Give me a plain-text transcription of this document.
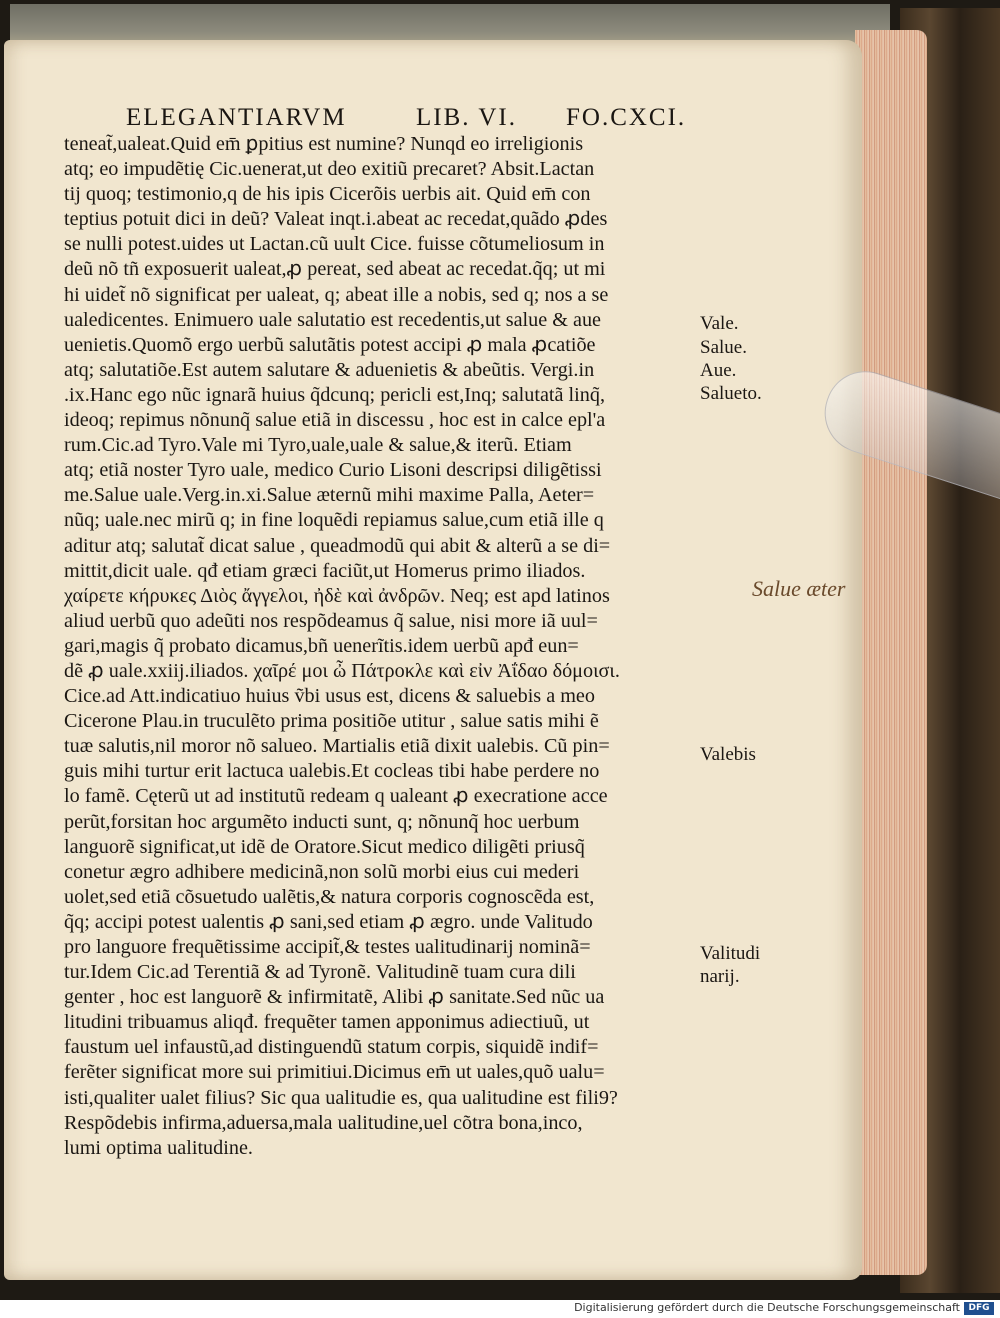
ELEGANTIARVM	LIB. VI. FO.CXCI.
teneat̃,ualeat.Quid em̄ ꝑpitius est numine? Nunqd eo irreligionis
atq; eo impudẽtię Cic.uenerat,ut deo exitiũ precaret? Absit.Lactan
tij quoq; testimonio,q de his ipis Cicerõis uerbis ait. Quid em̄ con
teptius potuit dici in deũ? Valeat inqt.i.abeat ac recedat,quãdo ꝓdes
se nulli potest.uides ut Lactan.cũ uult Cice. fuisse cõtumeliosum in
deũ nõ tñ exposuerit ualeat,ꝓ pereat, sed abeat ac recedat.q̃q; ut mi
hi uidet̃ nõ significat per ualeat, q; abeat ille a nobis, sed q; nos a se
ualedicentes. Enimuero uale salutatio est recedentis,ut salue & aue
uenietis.Quomõ ergo uerbũ salutãtis potest accipi ꝓ mala ꝓcatiõe
atq; salutatiõe.Est autem salutare & aduenietis & abeũtis. Vergi.in
.ix.Hanc ego nũc ignarã huius q̃dcunq; pericli est,Inq; salutatã linq̃,
ideoq; repimus nõnunq̃ salue etiã in discessu , hoc est in calce epl'a
rum.Cic.ad Tyro.Vale mi Tyro,uale,uale & salue,& iterũ. Etiam
atq; etiã noster Tyro uale, medico Curio Lisoni descripsi diligẽtissi
me.Salue uale.Verg.in.xi.Salue æternũ mihi maxime Palla, Aeter=
nũq; uale.nec mirũ q; in fine loquẽdi repiamus salue,cum etiã ille q
aditur atq; salutat̃ dicat salue , queadmodũ qui abit & alterũ a se di=
mittit,dicit uale. qđ etiam græci faciũt,ut Homerus primo iliados.
χαίρετε κήρυκες Διὸς ἄγγελοι, ἠδὲ καὶ ἀνδρῶν. Neq; est apd latinos
aliud uerbũ quo adeũti nos respõdeamus q̃ salue, nisi more iã uul=
gari,magis q̃ probato dicamus,bñ uenerĩtis.idem uerbũ apđ eun=
dẽ ꝓ uale.xxiij.iliados. χαῖρέ μοι ὦ Πάτροκλε καὶ εἰν Ἀΐδαο δόμοισι.
Cice.ad Att.indicatiuo huius ṽbi usus est, dicens & saluebis a meo
Cicerone Plau.in truculẽto prima positiõe utitur , salue satis mihi ẽ
tuæ salutis,nil moror nõ salueo. Martialis etiã dixit ualebis. Cũ pin=
guis mihi turtur erit lactuca ualebis.Et cocleas tibi habe perdere no
lo famẽ. Cęterũ ut ad institutũ redeam q ualeant ꝓ execratione acce
perũt,forsitan hoc argumẽto inducti sunt, q; nõnunq̃ hoc uerbum
languorẽ significat,ut idẽ de Oratore.Sicut medico diligẽti priusq̃
conetur ægro adhibere medicinã,non solũ morbi eius cui mederi
uolet,sed etiã cõsuetudo ualẽtis,& natura corporis cognoscẽda est,
q̃q; accipi potest ualentis ꝓ sani,sed etiam ꝓ ægro. unde Valitudo
pro languore frequẽtissime accipit̃,& testes ualitudinarij nominã=
tur.Idem Cic.ad Terentiã & ad Tyronẽ. Valitudinẽ tuam cura dili
genter , hoc est languorẽ & infirmitatẽ, Alibi ꝓ sanitate.Sed nũc ua
litudini tribuamus aliqđ. frequẽter tamen apponimus adiectiuũ, ut
faustum uel infaustũ,ad distinguendũ statum corpis, siquidẽ indif=
ferẽter significat more sui primitiui.Dicimus em̄ ut uales,quõ ualu=
isti,qualiter ualet filius? Sic qua ualitudie es, qua ualitudine est fili9?
Respõdebis infirma,aduersa,mala ualitudine,uel cõtra bona,inco,
lumi optima ualitudine.
Vale.
Salue.
Aue.
Salueto.
Valebis
Valitudi
narij.
Salue æter
Digitalisierung gefördert durch die Deutsche Forschungsgemeinschaft DFG
